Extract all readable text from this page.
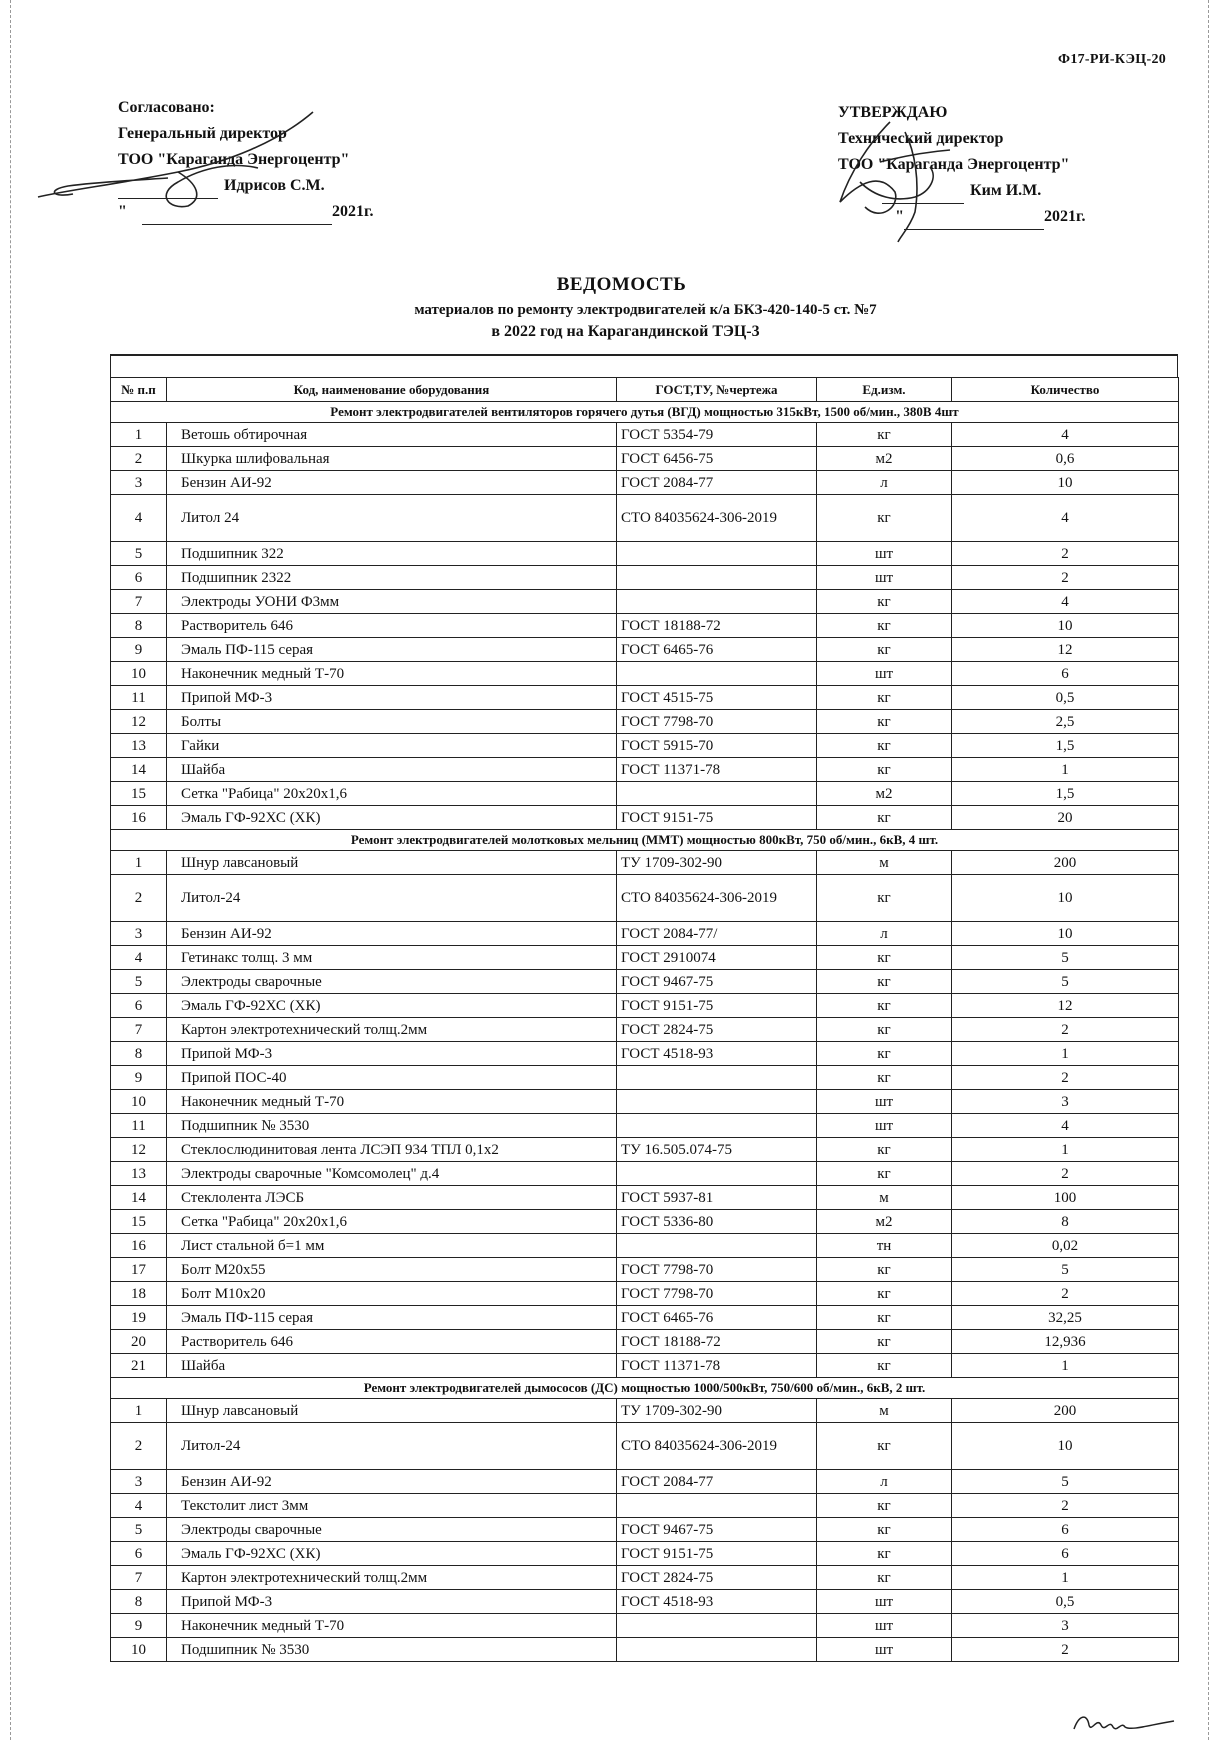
Ф17-РИ-КЭЦ-20
Согласовано:
Генеральный директор
ТОО "Караганда Энергоцентр"
Идрисов С.М.
"	2021г.
УТВЕРЖДАЮ
Технический директор
ТОО "Караганда Энергоцентр"
Ким И.М.
"	2021г.
ВЕДОМОСТЬ
материалов по ремонту электродвигателей к/а БКЗ-420-140-5 ст. №7
в 2022 год на Карагандинской ТЭЦ-3
№ п.п	Код, наименование оборудования	ГОСТ,ТУ, №чертежа	Ед.изм.	Количество
Ремонт электродвигателей вентиляторов горячего дутья (ВГД) мощностью 315кВт, 1500 об/мин., 380В 4шт				
1	Ветошь обтирочная	ГОСТ 5354-79	кг	4
2	Шкурка шлифовальная	ГОСТ 6456-75	м2	0,6
3	Бензин АИ-92	ГОСТ 2084-77	л	10
4	Литол 24	СТО 84035624-306-2019	кг	4
5	Подшипник 322		шт	2
6	Подшипник 2322		шт	2
7	Электроды УОНИ Ф3мм		кг	4
8	Растворитель 646	ГОСТ 18188-72	кг	10
9	Эмаль ПФ-115 серая	ГОСТ 6465-76	кг	12
10	Наконечник медный Т-70		шт	6
11	Припой МФ-3	ГОСТ 4515-75	кг	0,5
12	Болты	ГОСТ 7798-70	кг	2,5
13	Гайки	ГОСТ 5915-70	кг	1,5
14	Шайба	ГОСТ 11371-78	кг	1
15	Сетка "Рабица" 20х20х1,6		м2	1,5
16	Эмаль ГФ-92ХС (ХК)	ГОСТ 9151-75	кг	20
Ремонт электродвигателей молотковых мельниц (ММТ) мощностью 800кВт, 750 об/мин., 6кВ, 4 шт.				
1	Шнур лавсановый	ТУ 1709-302-90	м	200
2	Литол-24	СТО 84035624-306-2019	кг	10
3	Бензин АИ-92	ГОСТ 2084-77/	л	10
4	Гетинакс толщ. 3 мм	ГОСТ 2910074	кг	5
5	Электроды сварочные	ГОСТ 9467-75	кг	5
6	Эмаль ГФ-92ХС (ХК)	ГОСТ 9151-75	кг	12
7	Картон электротехнический толщ.2мм	ГОСТ 2824-75	кг	2
8	Припой МФ-3	ГОСТ 4518-93	кг	1
9	Припой ПОС-40		кг	2
10	Наконечник медный Т-70		шт	3
11	Подшипник № 3530		шт	4
12	Стеклослюдинитовая лента ЛСЭП 934 ТПЛ 0,1х2	ТУ 16.505.074-75	кг	1
13	Электроды сварочные "Комсомолец" д.4		кг	2
14	Стеклолента ЛЭСБ	ГОСТ 5937-81	м	100
15	Сетка "Рабица" 20х20х1,6	ГОСТ 5336-80	м2	8
16	Лист стальной б=1 мм		тн	0,02
17	Болт М20х55	ГОСТ 7798-70	кг	5
18	Болт М10х20	ГОСТ 7798-70	кг	2
19	Эмаль ПФ-115 серая	ГОСТ 6465-76	кг	32,25
20	Растворитель 646	ГОСТ 18188-72	кг	12,936
21	Шайба	ГОСТ 11371-78	кг	1
Ремонт электродвигателей дымососов (ДС) мощностью 1000/500кВт, 750/600 об/мин., 6кВ, 2 шт.				
1	Шнур лавсановый	ТУ 1709-302-90	м	200
2	Литол-24	СТО 84035624-306-2019	кг	10
3	Бензин АИ-92	ГОСТ 2084-77	л	5
4	Текстолит лист 3мм		кг	2
5	Электроды сварочные	ГОСТ 9467-75	кг	6
6	Эмаль ГФ-92ХС (ХК)	ГОСТ 9151-75	кг	6
7	Картон электротехнический толщ.2мм	ГОСТ 2824-75	кг	1
8	Припой МФ-3	ГОСТ 4518-93	шт	0,5
9	Наконечник медный Т-70		шт	3
10	Подшипник № 3530		шт	2
